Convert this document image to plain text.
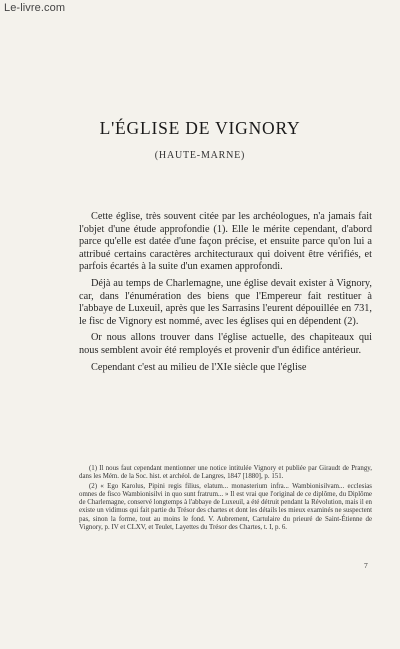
Le-livre.com
L'ÉGLISE DE VIGNORY
(HAUTE-MARNE)

Cette église, très souvent citée par les archéologues, n'a jamais fait l'objet d'une étude approfondie (1). Elle le mérite cependant, d'abord parce qu'elle est datée d'une façon précise, et ensuite parce qu'on lui a attribué certains caractères architecturaux qui doivent être vérifiés, et parfois écartés à la suite d'un examen approfondi.

Déjà au temps de Charlemagne, une église devait exister à Vignory, car, dans l'énumération des biens que l'Empereur fait restituer à l'abbaye de Luxeuil, après que les Sarrasins l'eurent dépouillée en 731, le fisc de Vignory est nommé, avec les églises qui en dépendent (2).

Or nous allons trouver dans l'église actuelle, des chapiteaux qui nous semblent avoir été remployés et provenir d'un édifice antérieur.

Cependant c'est au milieu de l'XIe siècle que l'église

(1) Il nous faut cependant mentionner une notice intitulée Vignory et publiée par Giraudt de Prangy, dans les Mém. de la Soc. hist. et archéol. de Langres, 1847 [1880], p. 151.

(2) « Ego Karolus, Pipini regis filius, elatum... monasterium infra... Wambionisilvam... ecclesias omnes de fisco Wambionisilvi in quo sunt fratrum... » Il est vrai que l'original de ce diplôme, du Diplôme de Charlemagne, conservé longtemps à l'abbaye de Luxeuil, a été détruit pendant la Révolution, mais il en existe un vidimus qui fait partie du Trésor des chartes et dont les détails les mieux examinés ne suspectent pas, sinon la forme, tout au moins le fond. V. Aubrement, Cartulaire du prieuré de Saint-Étienne de Vignory, p. IV et CLXV, et Teulet, Layettes du Trésor des Chartes, t. I, p. 6.

7
